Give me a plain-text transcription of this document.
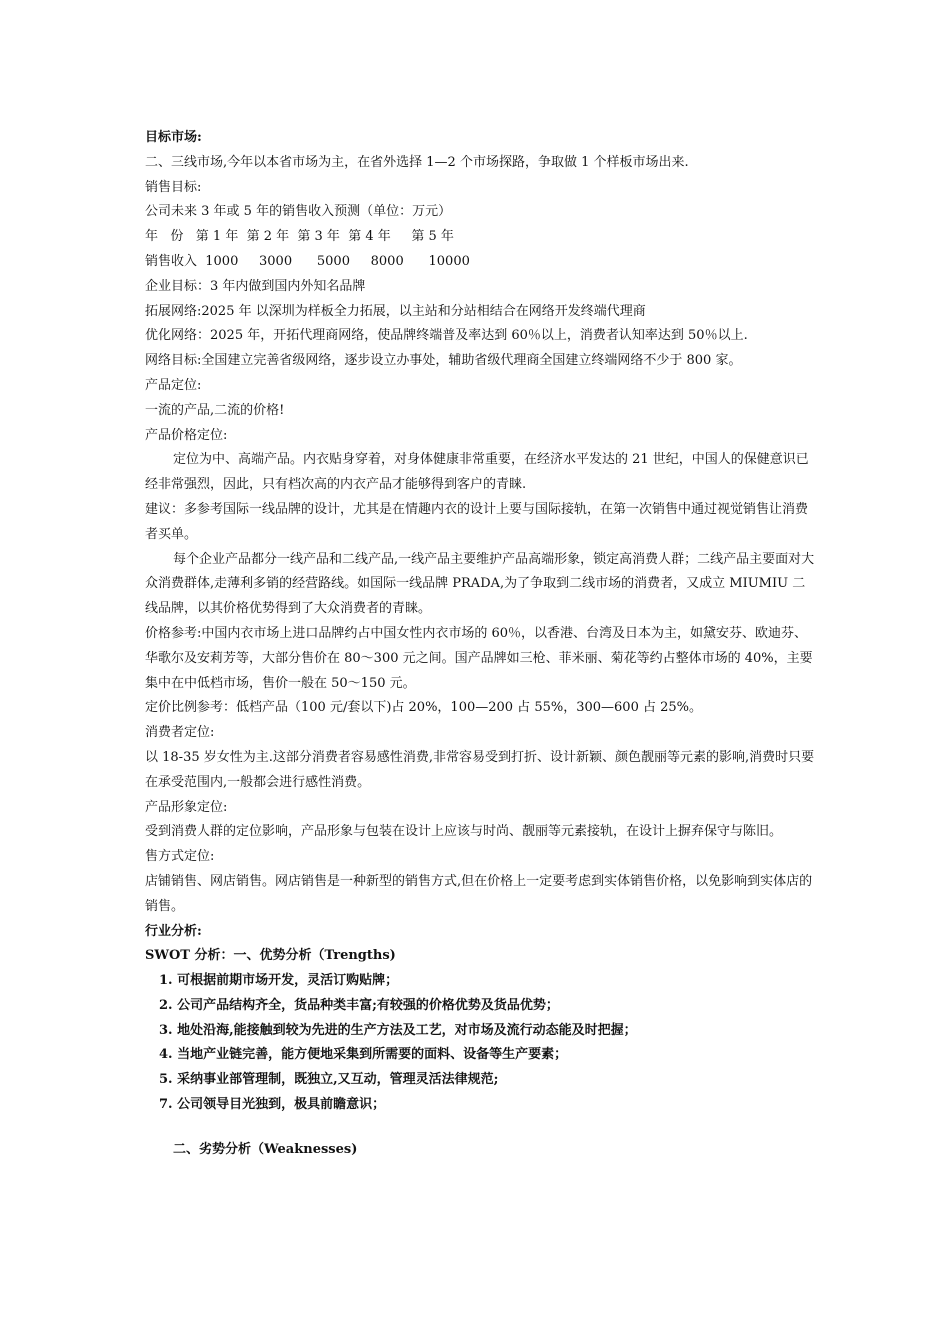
目标市场:
二、三线市场,今年以本省市场为主，在省外选择 1—2 个市场探路，争取做 1 个样板市场出来.
销售目标:
公司未来 3 年或 5 年的销售收入预测（单位：万元）
年   份   第 1 年  第 2 年  第 3 年  第 4 年     第 5 年
销售收入  1000     3000      5000     8000      10000
企业目标：3 年内做到国内外知名品牌
拓展网络:2025 年 以深圳为样板全力拓展，以主站和分站相结合在网络开发终端代理商
优化网络：2025 年，开拓代理商网络，使品牌终端普及率达到 60％以上，消费者认知率达到 50％以上.
网络目标:全国建立完善省级网络，逐步设立办事处，辅助省级代理商全国建立终端网络不少于 800 家。
产品定位:
一流的产品,二流的价格!
产品价格定位:
定位为中、高端产品。内衣贴身穿着，对身体健康非常重要，在经济水平发达的 21 世纪，中国人的保健意识已经非常强烈，因此，只有档次高的内衣产品才能够得到客户的青睐.
建议：多参考国际一线品牌的设计，尤其是在情趣内衣的设计上要与国际接轨，在第一次销售中通过视觉销售让消费者买单。
每个企业产品都分一线产品和二线产品,一线产品主要维护产品高端形象，锁定高消费人群；二线产品主要面对大众消费群体,走薄利多销的经营路线。如国际一线品牌 PRADA,为了争取到二线市场的消费者，又成立 MIUMIU 二线品牌，以其价格优势得到了大众消费者的青睐。
价格参考:中国内衣市场上进口品牌约占中国女性内衣市场的 60％，以香港、台湾及日本为主，如黛安芬、欧迪芬、华歌尔及安莉芳等，大部分售价在 80～300 元之间。国产品牌如三枪、菲米丽、菊花等约占整体市场的 40%，主要集中在中低档市场，售价一般在 50～150 元。
定价比例参考：低档产品（100 元/套以下)占 20%，100—200 占 55%，300—600 占 25%。
消费者定位:
以 18-35 岁女性为主.这部分消费者容易感性消费,非常容易受到打折、设计新颖、颜色靓丽等元素的影响,消费时只要在承受范围内,一般都会进行感性消费。
产品形象定位:
受到消费人群的定位影响，产品形象与包装在设计上应该与时尚、靓丽等元素接轨，在设计上摒弃保守与陈旧。
售方式定位:
店铺销售、网店销售。网店销售是一种新型的销售方式,但在价格上一定要考虑到实体销售价格，以免影响到实体店的销售。
行业分析:
SWOT 分析：一、优势分析（Trengths)
1. 可根据前期市场开发，灵活订购贴牌；
2. 公司产品结构齐全，货品种类丰富;有较强的价格优势及货品优势；
3. 地处沿海,能接触到较为先进的生产方法及工艺，对市场及流行动态能及时把握；
4. 当地产业链完善，能方便地采集到所需要的面料、设备等生产要素；
5. 采纳事业部管理制，既独立,又互动，管理灵活法律规范;
7. 公司领导目光独到，极具前瞻意识；
二、劣势分析（Weaknesses)
